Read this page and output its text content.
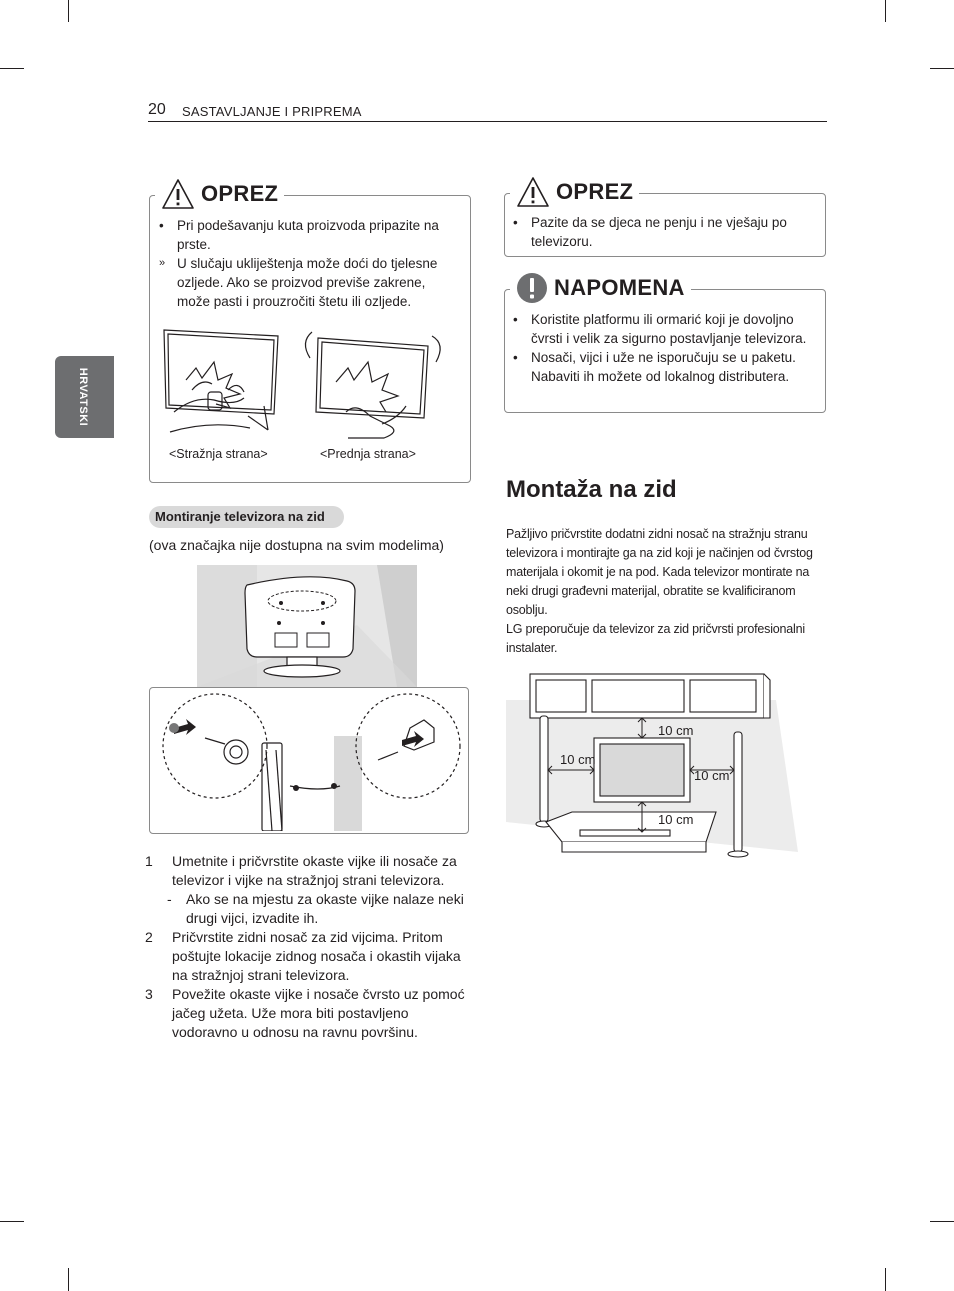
20 SASTAVLJANJE I PRIPREMA
HRVATSKI
OPREZ
• Pri podešavanju kuta proizvoda pripazite na prste.
» U slučaju ukliještenja može doći do tjelesne ozljede. Ako se proizvod previše zakrene, može pasti i prouzročiti štetu ili ozljede.
<Stražnja strana>	<Prednja strana>
Montiranje televizora na zid
(ova značajka nije dostupna na svim modelima)
1 Umetnite i pričvrstite okaste vijke ili nosače za televizor i vijke na stražnjoj strani televizora.
- Ako se na mjestu za okaste vijke nalaze neki drugi vijci, izvadite ih.
2 Pričvrstite zidni nosač za zid vijcima. Pritom poštujte lokacije zidnog nosača i okastih vijaka na stražnjoj strani televizora.
3 Povežite okaste vijke i nosače čvrsto uz pomoć jačeg užeta. Uže mora biti postavljeno vodoravno u odnosu na ravnu površinu.
OPREZ
• Pazite da se djeca ne penju i ne vješaju po televizoru.
NAPOMENA
• Koristite platformu ili ormarić koji je dovoljno čvrsti i velik za sigurno postavljanje televizora.
• Nosači, vijci i uže ne isporučuju se u paketu. Nabaviti ih možete od lokalnog distributera.
Montaža na zid
Pažljivo pričvrstite dodatni zidni nosač na stražnju stranu televizora i montirajte ga na zid koji je načinjen od čvrstog materijala i okomit je na pod. Kada televizor montirate na neki drugi građevni materijal, obratite se kvalificiranom osoblju.
LG preporučuje da televizor za zid pričvrsti profesionalni instalater.
10 cm
10 cm
10 cm
10 cm
